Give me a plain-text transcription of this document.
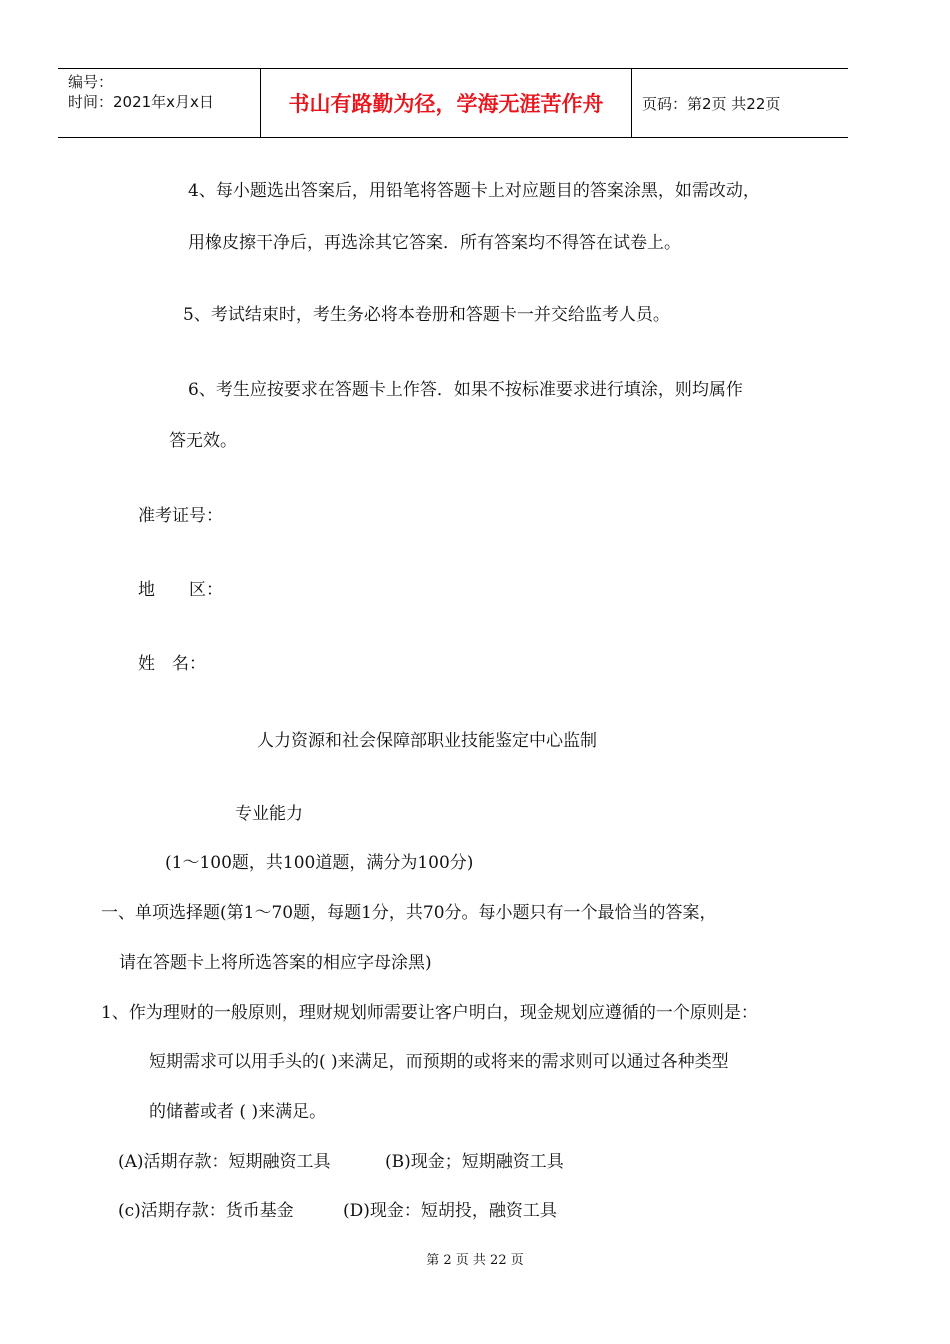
编号：
时间：2021年x月x日	书山有路勤为径，学海无涯苦作舟	页码：第2页 共22页
4、每小题选出答案后，用铅笔将答题卡上对应题目的答案涂黑，如需改动，
用橡皮擦干净后，再选涂其它答案．所有答案均不得答在试卷上。
5、考试结束时，考生务必将本卷册和答题卡一并交给监考人员。
6、考生应按要求在答题卡上作答．如果不按标准要求进行填涂，则均属作
答无效。
准考证号：
地　　区：
姓　名：
人力资源和社会保障部职业技能鉴定中心监制
专业能力
(1～100题，共100道题，满分为100分)
一、单项选择题(第1～70题，每题1分，共70分。每小题只有一个最恰当的答案，
请在答题卡上将所选答案的相应字母涂黑)
1、作为理财的一般原则，理财规划师需要让客户明白，现金规划应遵循的一个原则是：
短期需求可以用手头的( )来满足，而预期的或将来的需求则可以通过各种类型
的储蓄或者 ( )来满足。
(A)活期存款：短期融资工具	(B)现金；短期融资工具
(c)活期存款：货币基金	(D)现金：短胡投，融资工具
第 2 页 共 22 页
